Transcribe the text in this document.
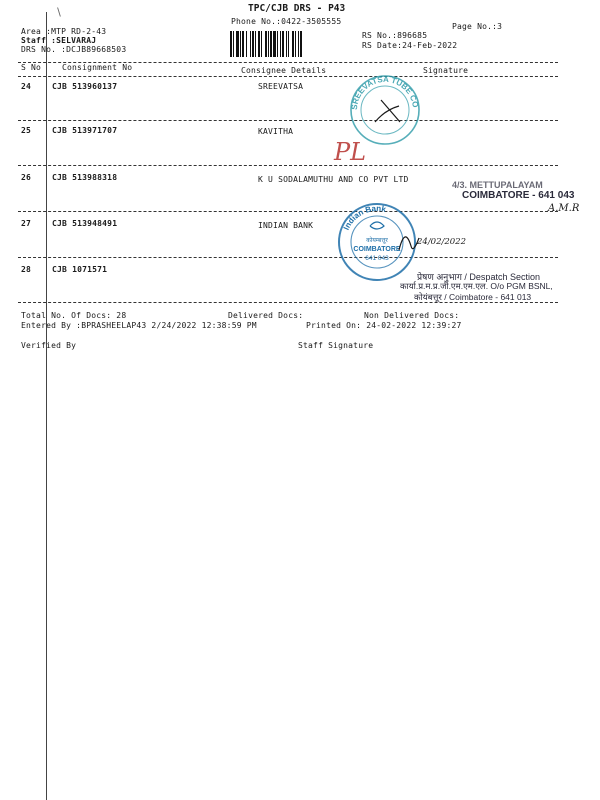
∖	TPC/CJB DRS - P43
Phone No.:0422-3505555
Page No.:3
Area :MTP RD-2-43
Staff :SELVARAJ
DRS No. :DCJB89668503
RS No.:896685
RS Date:24-Feb-2022
S No	Consignment No	Consignee Details	Signature
24	CJB 513960137	SREEVATSA
25	CJB 513971707	KAVITHA
26	CJB 513988318	K U SODALAMUTHU AND CO PVT LTD
27	CJB 513948491	INDIAN BANK
28	CJB 1071571
Total No. Of Docs: 28	Delivered Docs:	Non Delivered Docs:
Entered By :BPRASHEELAP43 2/24/2022 12:38:59 PM	Printed On: 24-02-2022 12:39:27
Verified By	Staff Signature
SREEVATSA TUBE CO
PL
4/3. METTUPALAYAM
COIMBATORE - 641 043
A.M.R
Indian Bank
कोयम्बत्तूर
COIMBATORE
641 043
24/02/2022
प्रेषण अनुभाग / Despatch Section
कार्या.प्र.म.प्र.जी.एम.एम.एल. O/o PGM BSNL,
कोयंबत्तूर / Coimbatore - 641 013
